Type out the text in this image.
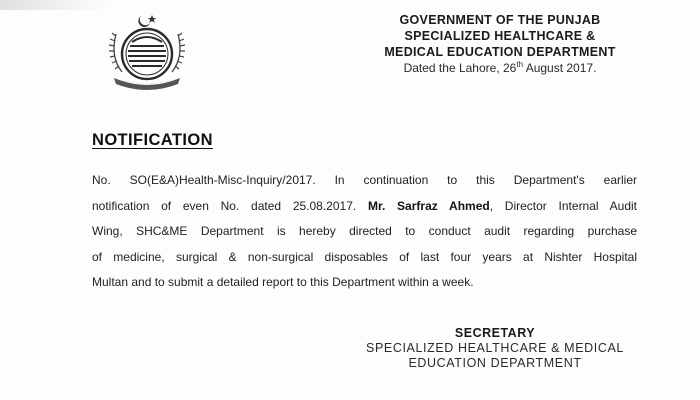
GOVERNMENT OF THE PUNJAB
SPECIALIZED HEALTHCARE &
MEDICAL EDUCATION DEPARTMENT
Dated the Lahore, 26th August 2017.
NOTIFICATION
No. SO(E&A)Health-Misc-Inquiry/2017. In continuation to this Department's earlier
notification of even No. dated 25.08.2017. Mr. Sarfraz Ahmed, Director Internal Audit
Wing, SHC&ME Department is hereby directed to conduct audit regarding purchase
of medicine, surgical & non-surgical disposables of last four years at Nishter Hospital
Multan and to submit a detailed report to this Department within a week.
SECRETARY
SPECIALIZED HEALTHCARE & MEDICAL
EDUCATION DEPARTMENT
